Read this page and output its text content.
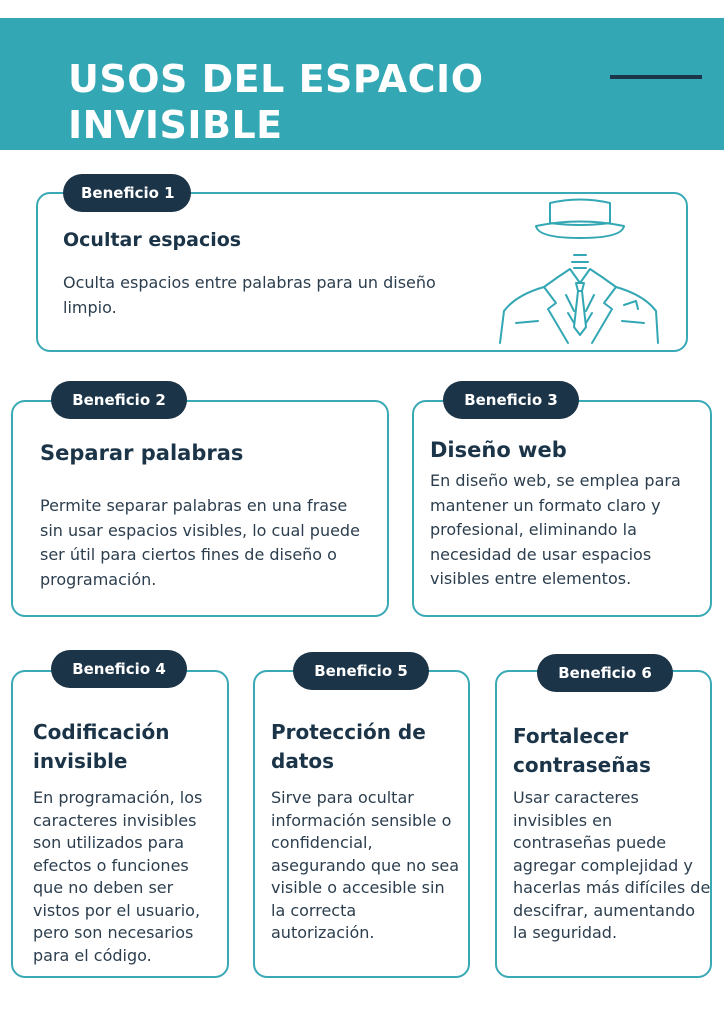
USOS DEL ESPACIO INVISIBLE
Beneficio 1
Ocultar espacios
Oculta espacios entre palabras para un diseño limpio.
Beneficio 2
Separar palabras
Permite separar palabras en una frase sin usar espacios visibles, lo cual puede ser útil para ciertos fines de diseño o programación.
Beneficio 3
Diseño web
En diseño web, se emplea para mantener un formato claro y profesional, eliminando la necesidad de usar espacios visibles entre elementos.
Beneficio 4
Codificación invisible
En programación, los caracteres invisibles son utilizados para efectos o funciones que no deben ser vistos por el usuario, pero son necesarios para el código.
Beneficio 5
Protección de datos
Sirve para ocultar información sensible o confidencial, asegurando que no sea visible o accesible sin la correcta autorización.
Beneficio 6
Fortalecer contraseñas
Usar caracteres invisibles en contraseñas puede agregar complejidad y hacerlas más difíciles de descifrar, aumentando la seguridad.
